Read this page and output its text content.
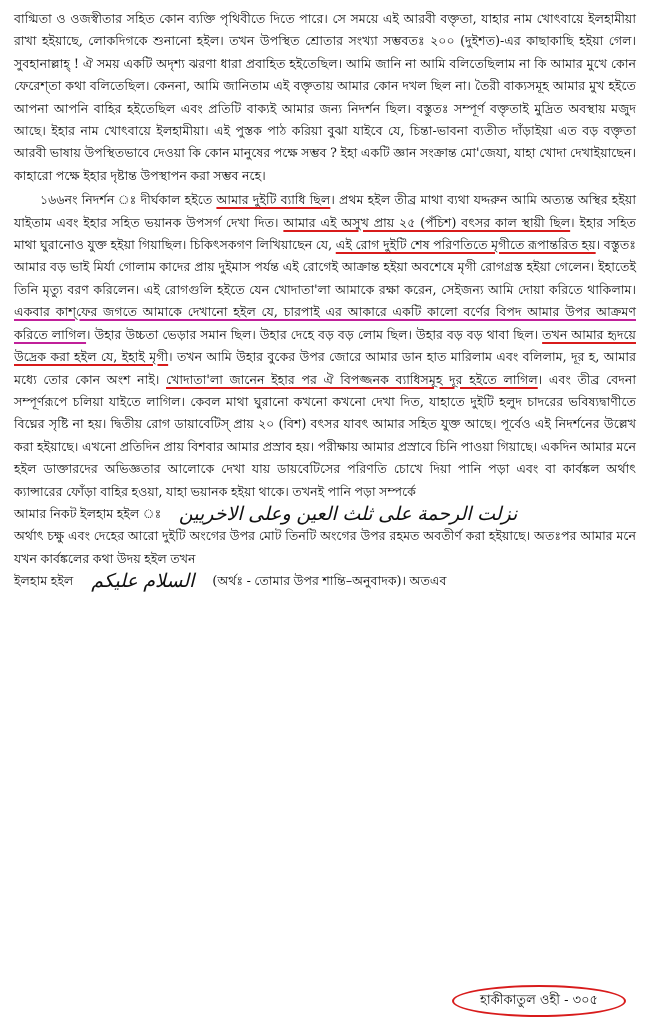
বাগ্মিতা ও ওজস্বীতার সহিত কোন ব্যক্তি পৃথিবীতে দিতে পারে। সে সময়ে এই আরবী বক্তৃতা, যাহার নাম খোৎবায়ে ইলহামীয়া রাখা হইয়াছে, লোকদিগকে শুনানো হইল। তখন উপস্থিত শ্রোতার সংখ্যা সম্ভবতঃ ২০০ (দুইশত)-এর কাছাকাছি হইয়া গেল। সুবহানাল্লাহ্ ! ঐ সময় একটি অদৃশ্য ঝরণা ধারা প্রবাহিত হইতেছিল। আমি জানি না আমি বলিতেছিলাম না কি আমার মুখে কোন ফেরেশ্‌তা কথা বলিতেছিল। কেননা, আমি জানিতাম এই বক্তৃতায় আমার কোন দখল ছিল না। তৈরী বাক্যসমূহ আমার মুখ হইতে আপনা আপনি বাহির হইতেছিল এবং প্রতিটি বাক্যই আমার জন্য নিদর্শন ছিল। বস্তুতঃ সম্পূর্ণ বক্তৃতাই মুদ্রিত অবস্থায় মজুদ আছে। ইহার নাম খোৎবায়ে ইলহামীয়া। এই পুস্তক পাঠ করিয়া বুঝা যাইবে যে, চিন্তা-ভাবনা ব্যতীত দাঁড়াইয়া এত বড় বক্তৃতা আরবী ভাষায় উপস্থিতভাবে দেওয়া কি কোন মানুষের পক্ষে সম্ভব ? ইহা একটি জ্ঞান সংক্রান্ত মো'জেযা, যাহা খোদা দেখাইয়াছেন। কাহারো পক্ষে ইহার দৃষ্টান্ত উপস্থাপন করা সম্ভব নহে।

১৬৬নং নিদর্শন ঃ দীর্ঘকাল হইতে আমার দুইটি ব্যাধি ছিল। প্রথম হইল তীব্র মাথা ব্যথা যদ্দরুন আমি অত্যন্ত অস্থির হইয়া যাইতাম এবং ইহার সহিত ভয়ানক উপসর্গ দেখা দিত। আমার এই অসুখ প্রায় ২৫ (পঁচিশ) বৎসর কাল স্থায়ী ছিল। ইহার সহিত মাথা ঘুরানোও যুক্ত হইয়া গিয়াছিল। চিকিৎসকগণ লিখিয়াছেন যে, এই রোগ দুইটি শেষ পরিণতিতে মৃগীতে রূপান্তরিত হয়। বস্তুতঃ আমার বড় ভাই মির্যা গোলাম কাদের প্রায় দুইমাস পর্যন্ত এই রোগেই আক্রান্ত হইয়া অবশেষে মৃগী রোগগ্রস্ত হইয়া গেলেন। ইহাতেই তিনি মৃত্যু বরণ করিলেন। এই রোগগুলি হইতে যেন খোদাতা'লা আমাকে রক্ষা করেন, সেইজন্য আমি দোয়া করিতে থাকিলাম। একবার কাশ্‌ফের জগতে আমাকে দেখানো হইল যে, চারপাই এর আকারে একটি কালো বর্ণের বিপদ আমার উপর আক্রমণ করিতে লাগিল। উহার উচ্চতা ভেড়ার সমান ছিল। উহার দেহে বড় বড় লোম ছিল। উহার বড় বড় থাবা ছিল। তখন আমার হৃদয়ে উদ্রেক করা হইল যে, ইহাই মৃগী। তখন আমি উহার বুকের উপর জোরে আমার ডান হাত মারিলাম এবং বলিলাম, দূর হ, আমার মধ্যে তোর কোন অংশ নাই। খোদাতা'লা জানেন ইহার পর ঐ বিপজ্জনক ব্যাধিসমূহ দূর হইতে লাগিল। এবং তীব্র বেদনা সম্পূর্ণরূপে চলিয়া যাইতে লাগিল। কেবল মাথা ঘুরানো কখনো কখনো দেখা দিত, যাহাতে দুইটি হলুদ চাদরের ভবিষ্যদ্বাণীতে বিঘ্নের সৃষ্টি না হয়। দ্বিতীয় রোগ ডায়াবেটিস্‌ প্রায় ২০ (বিশ) বৎসর যাবৎ আমার সহিত যুক্ত আছে। পূর্বেও এই নিদর্শনের উল্লেখ করা হইয়াছে। এখনো প্রতিদিন প্রায় বিশবার আমার প্রস্রাব হয়। পরীক্ষায় আমার প্রস্রাবে চিনি পাওয়া গিয়াছে। একদিন আমার মনে হইল ডাক্তারদের অভিজ্ঞতার আলোকে দেখা যায় ডায়বেটিসের পরিণতি চোখে দিয়া পানি পড়া এবং বা কার্বঙ্কল অর্থাৎ ক্যান্সারের ফোঁড়া বাহির হওয়া, যাহা ভয়ানক হইয়া থাকে। তখনই পানি পড়া সম্পর্কে

আমার নিকট ইলহাম হইল ঃ نزلت الرحمة على ثلث العين وعلى الاخريين

অর্থাৎ চক্ষু এবং দেহের আরো দুইটি অংগের উপর মোট তিনটি অংগের উপর রহমত অবতীর্ণ করা হইয়াছে। অতঃপর আমার মনে যখন কার্বঙ্কলের কথা উদয় হইল তখন

ইলহাম হইল السلام عليكم (অর্থঃ - তোমার উপর শান্তি–অনুবাদক)। অতএব
হাকীকাতুল ওহী - ৩০৫
